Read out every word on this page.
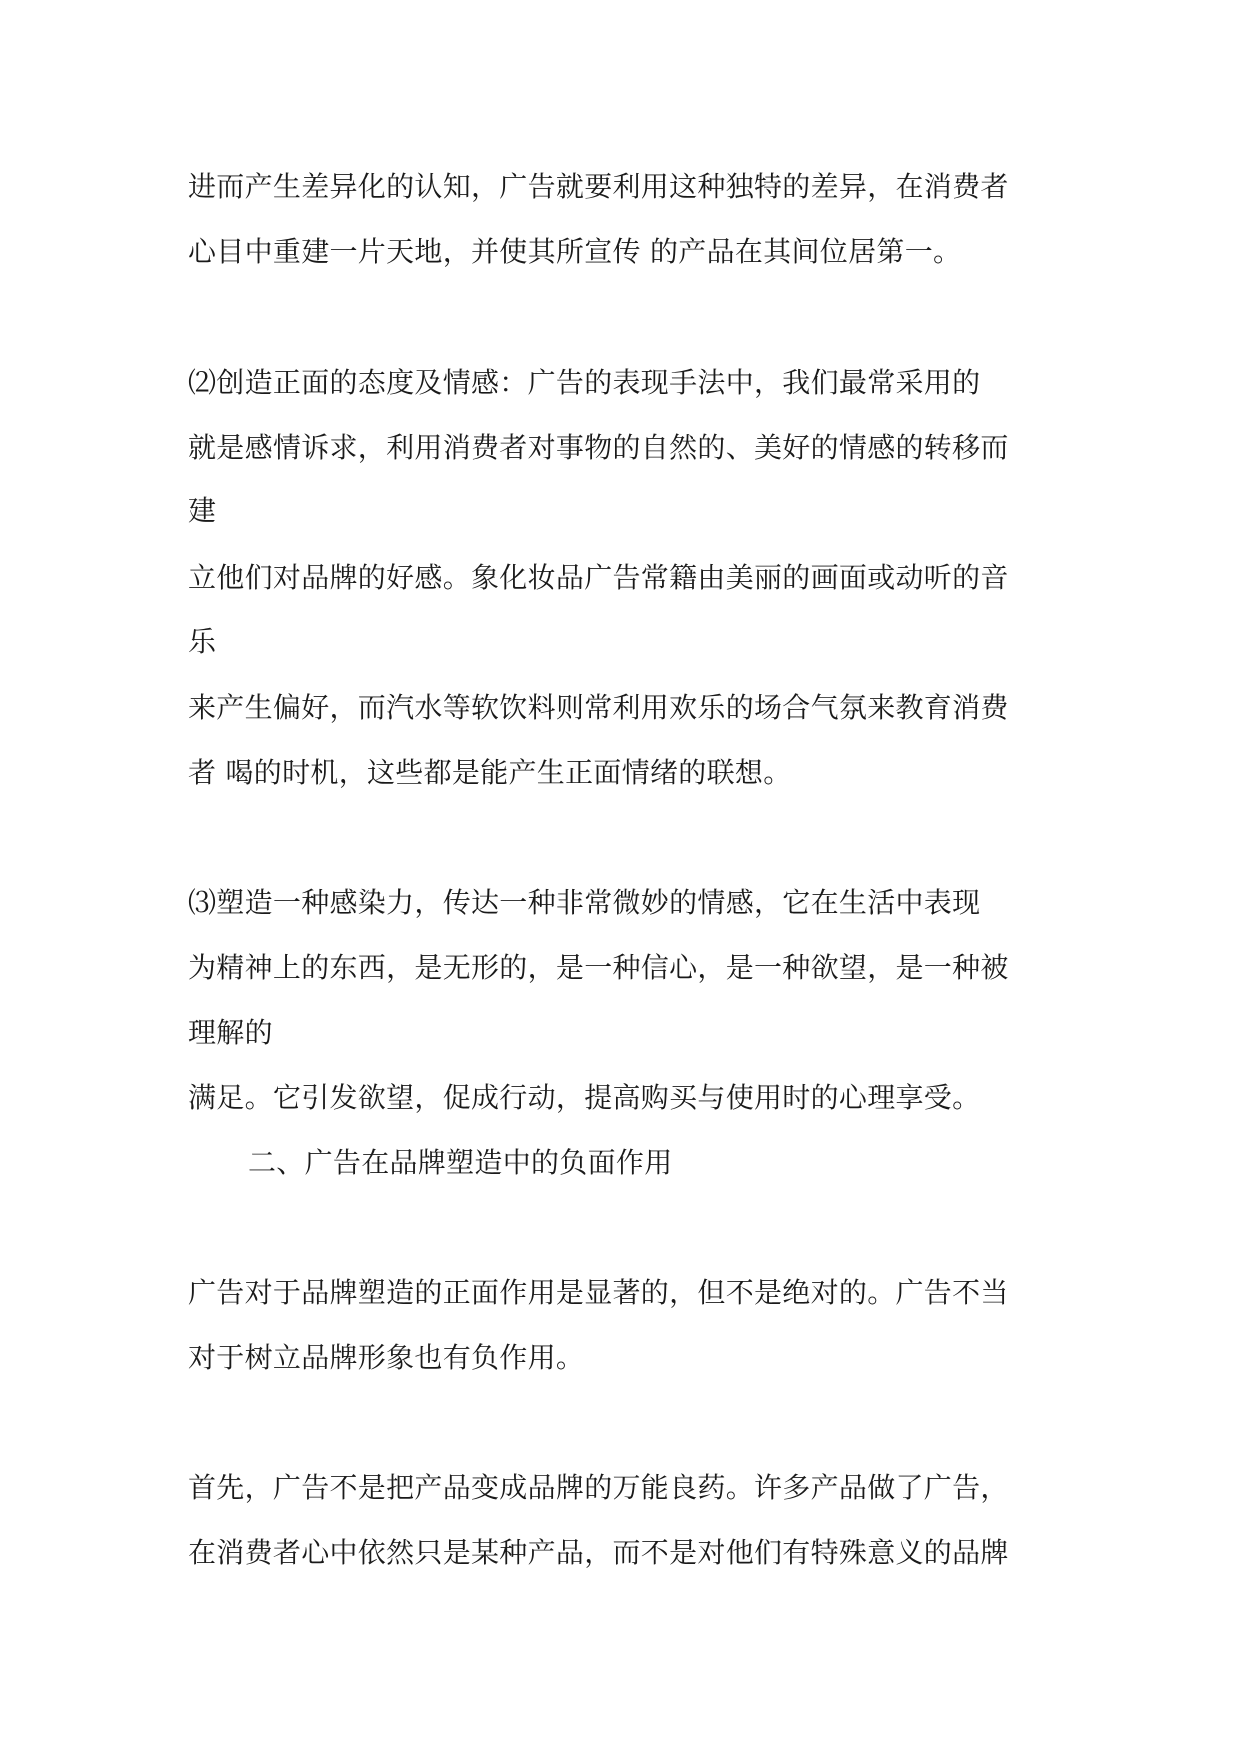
进而产生差异化的认知，广告就要利用这种独特的差异，在消费者

心目中重建一片天地，并使其所宣传 的产品在其间位居第一。

⑵创造正面的态度及情感：广告的表现手法中，我们最常采用的

就是感情诉求，利用消费者对事物的自然的、美好的情感的转移而

建

立他们对品牌的好感。象化妆品广告常籍由美丽的画面或动听的音

乐

来产生偏好，而汽水等软饮料则常利用欢乐的场合气氛来教育消费

者 喝的时机，这些都是能产生正面情绪的联想。

⑶塑造一种感染力，传达一种非常微妙的情感，它在生活中表现

为精神上的东西，是无形的，是一种信心，是一种欲望，是一种被

理解的

满足。它引发欲望，促成行动，提高购买与使用时的心理享受。

二、广告在品牌塑造中的负面作用

广告对于品牌塑造的正面作用是显著的，但不是绝对的。广告不当

对于树立品牌形象也有负作用。

首先，广告不是把产品变成品牌的万能良药。许多产品做了广告，

在消费者心中依然只是某种产品，而不是对他们有特殊意义的品牌
